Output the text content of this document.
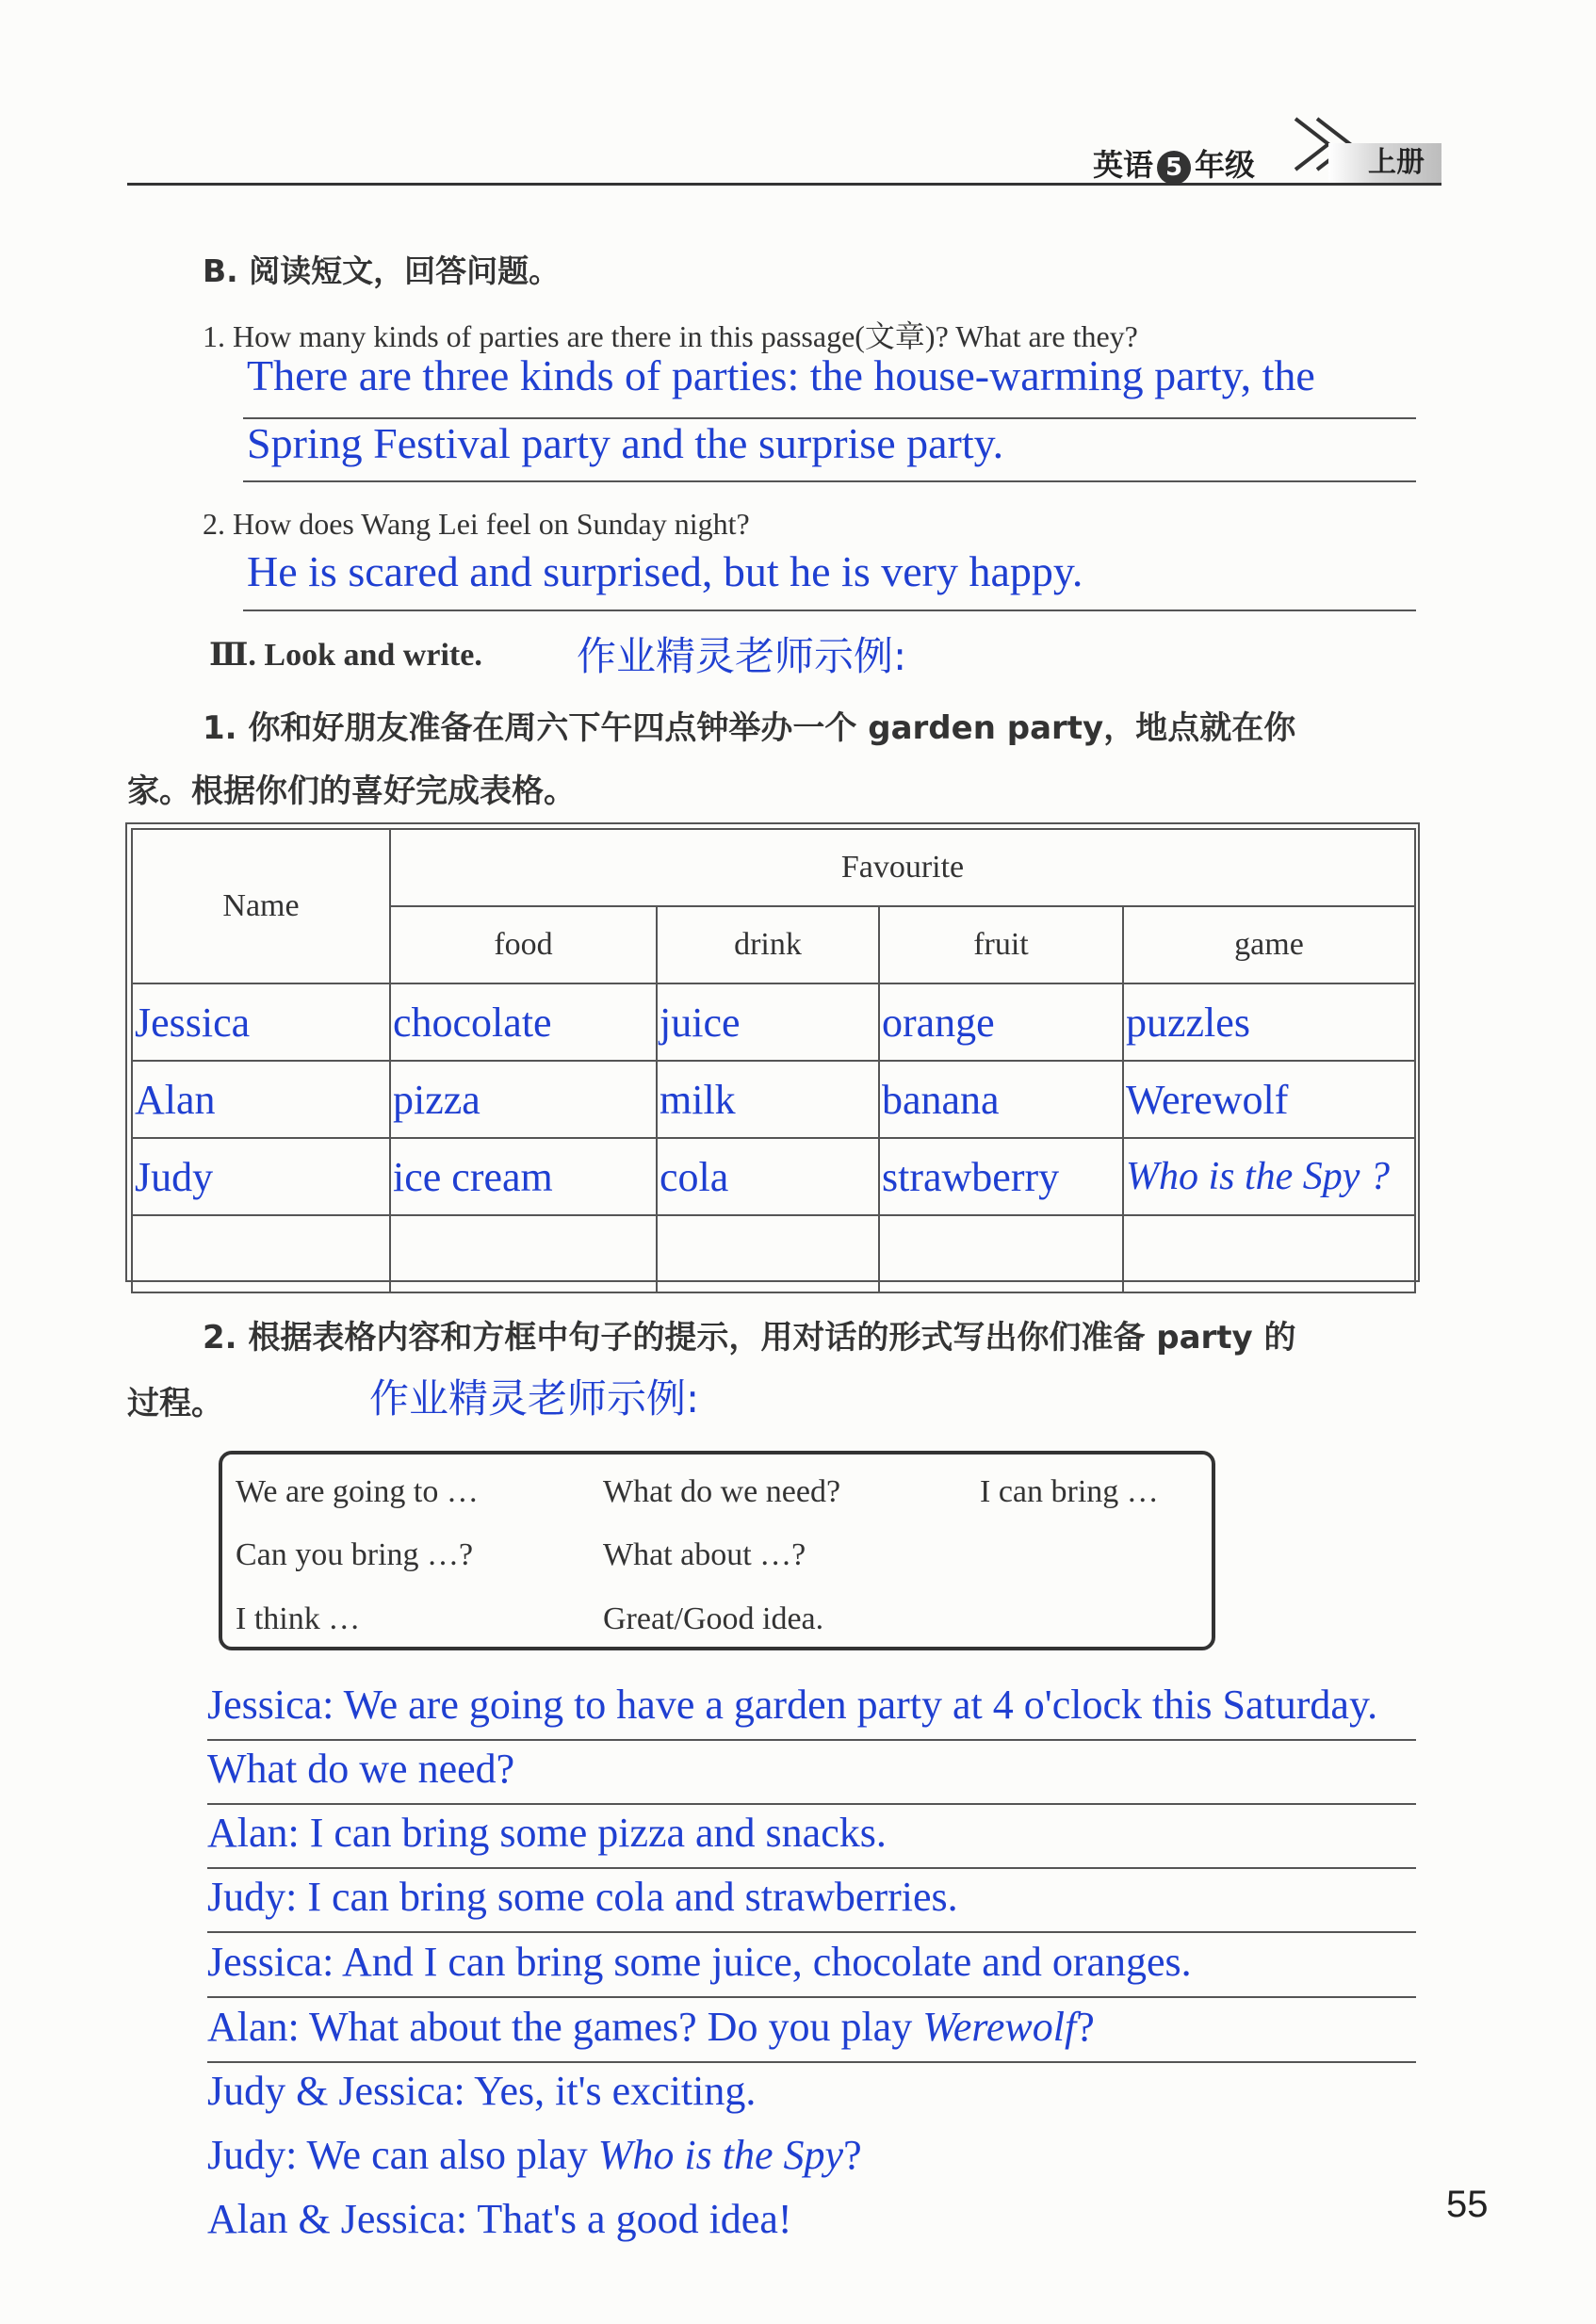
英语 5 年级	上册
B. 阅读短文，回答问题。
1. How many kinds of parties are there in this passage(文章)? What are they?
There are three kinds of parties: the house-warming party, the
Spring Festival party and the surprise party.
2. How does Wang Lei feel on Sunday night?
He is scared and surprised, but he is very happy.
Ⅲ. Look and write. 作业精灵老师示例:
1. 你和好朋友准备在周六下午四点钟举办一个 garden party，地点就在你
家。根据你们的喜好完成表格。
Name	Favourite			
	food	drink	fruit	game
Jessica	chocolate	juice	orange	puzzles
Alan	pizza	milk	banana	Werewolf
Judy	ice cream	cola	strawberry	Who is the Spy ?

2. 根据表格内容和方框中句子的提示，用对话的形式写出你们准备 party 的
过程。	作业精灵老师示例:
We are going to …	What do we need?	I can bring …
Can you bring …?	What about …?
I think …	Great/Good idea.
Jessica: We are going to have a garden party at 4 o'clock this Saturday.
What do we need?
Alan: I can bring some pizza and snacks.
Judy: I can bring some cola and strawberries.
Jessica: And I can bring some juice, chocolate and oranges.
Alan: What about the games? Do you play Werewolf?
Judy & Jessica: Yes, it's exciting.
Judy: We can also play Who is the Spy?
Alan & Jessica: That's a good idea!	55
